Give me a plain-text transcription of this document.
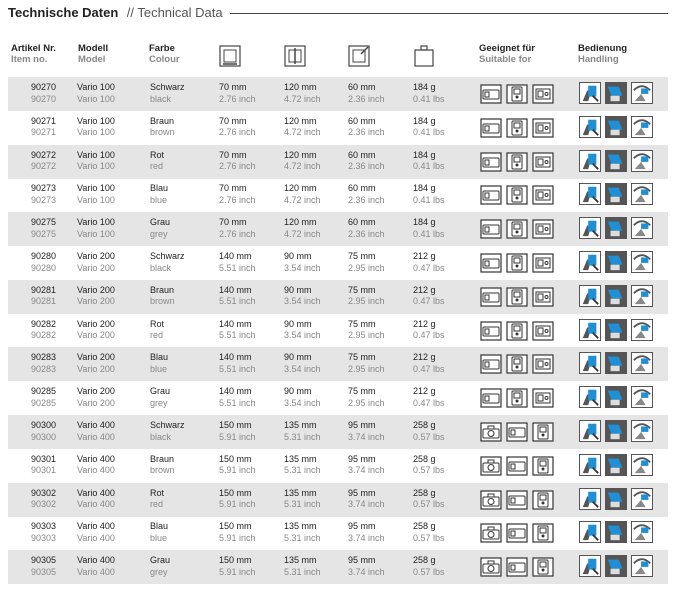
Technische Daten // Technical Data
Artikel Nr.
Item no.
Modell
Model
Farbe
Colour
Geeignet für
Suitable for
Bedienung
Handling
90270
90270
Vario 100
Vario 100
Schwarz
black
70 mm
2.76 inch
120 mm
4.72 inch
60 mm
2.36 inch
184 g
0.41 lbs
90271
90271
Vario 100
Vario 100
Braun
brown
70 mm
2.76 inch
120 mm
4.72 inch
60 mm
2.36 inch
184 g
0.41 lbs
90272
90272
Vario 100
Vario 100
Rot
red
70 mm
2.76 inch
120 mm
4.72 inch
60 mm
2.36 inch
184 g
0.41 lbs
90273
90273
Vario 100
Vario 100
Blau
blue
70 mm
2.76 inch
120 mm
4.72 inch
60 mm
2.36 inch
184 g
0.41 lbs
90275
90275
Vario 100
Vario 100
Grau
grey
70 mm
2.76 inch
120 mm
4.72 inch
60 mm
2.36 inch
184 g
0.41 lbs
90280
90280
Vario 200
Vario 200
Schwarz
black
140 mm
5.51 inch
90 mm
3.54 inch
75 mm
2.95 inch
212 g
0.47 lbs
90281
90281
Vario 200
Vario 200
Braun
brown
140 mm
5.51 inch
90 mm
3.54 inch
75 mm
2.95 inch
212 g
0.47 lbs
90282
90282
Vario 200
Vario 200
Rot
red
140 mm
5.51 inch
90 mm
3.54 inch
75 mm
2.95 inch
212 g
0.47 lbs
90283
90283
Vario 200
Vario 200
Blau
blue
140 mm
5.51 inch
90 mm
3.54 inch
75 mm
2.95 inch
212 g
0.47 lbs
90285
90285
Vario 200
Vario 200
Grau
grey
140 mm
5.51 inch
90 mm
3.54 inch
75 mm
2.95 inch
212 g
0.47 lbs
90300
90300
Vario 400
Vario 400
Schwarz
black
150 mm
5.91 inch
135 mm
5.31 inch
95 mm
3.74 inch
258 g
0.57 lbs
90301
90301
Vario 400
Vario 400
Braun
brown
150 mm
5.91 inch
135 mm
5.31 inch
95 mm
3.74 inch
258 g
0.57 lbs
90302
90302
Vario 400
Vario 400
Rot
red
150 mm
5.91 inch
135 mm
5.31 inch
95 mm
3.74 inch
258 g
0.57 lbs
90303
90303
Vario 400
Vario 400
Blau
blue
150 mm
5.91 inch
135 mm
5.31 inch
95 mm
3.74 inch
258 g
0.57 lbs
90305
90305
Vario 400
Vario 400
Grau
grey
150 mm
5.91 inch
135 mm
5.31 inch
95 mm
3.74 inch
258 g
0.57 lbs
